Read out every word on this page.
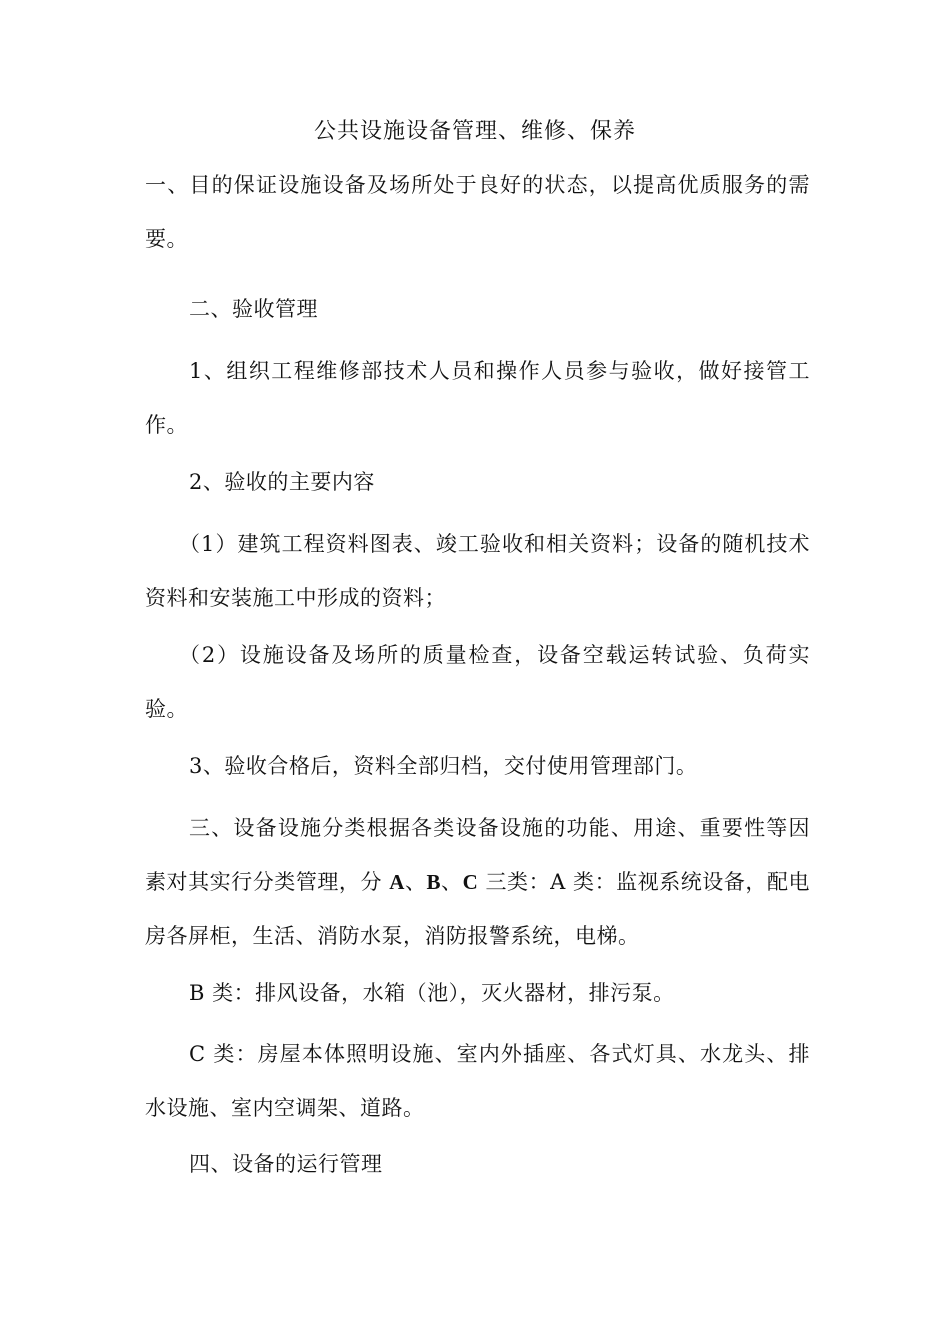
公共设施设备管理、维修、保养

一、目的保证设施设备及场所处于良好的状态，以提高优质服务的需要。

二、验收管理

1、组织工程维修部技术人员和操作人员参与验收，做好接管工作。

2、验收的主要内容

（1）建筑工程资料图表、竣工验收和相关资料；设备的随机技术资料和安装施工中形成的资料；

（2）设施设备及场所的质量检查，设备空载运转试验、负荷实验。

3、验收合格后，资料全部归档，交付使用管理部门。

三、设备设施分类根据各类设备设施的功能、用途、重要性等因素对其实行分类管理，分 A、B、C 三类：A 类：监视系统设备，配电房各屏柜，生活、消防水泵，消防报警系统，电梯。

B 类：排风设备，水箱（池），灭火器材，排污泵。

C 类：房屋本体照明设施、室内外插座、各式灯具、水龙头、排水设施、室内空调架、道路。

四、设备的运行管理
